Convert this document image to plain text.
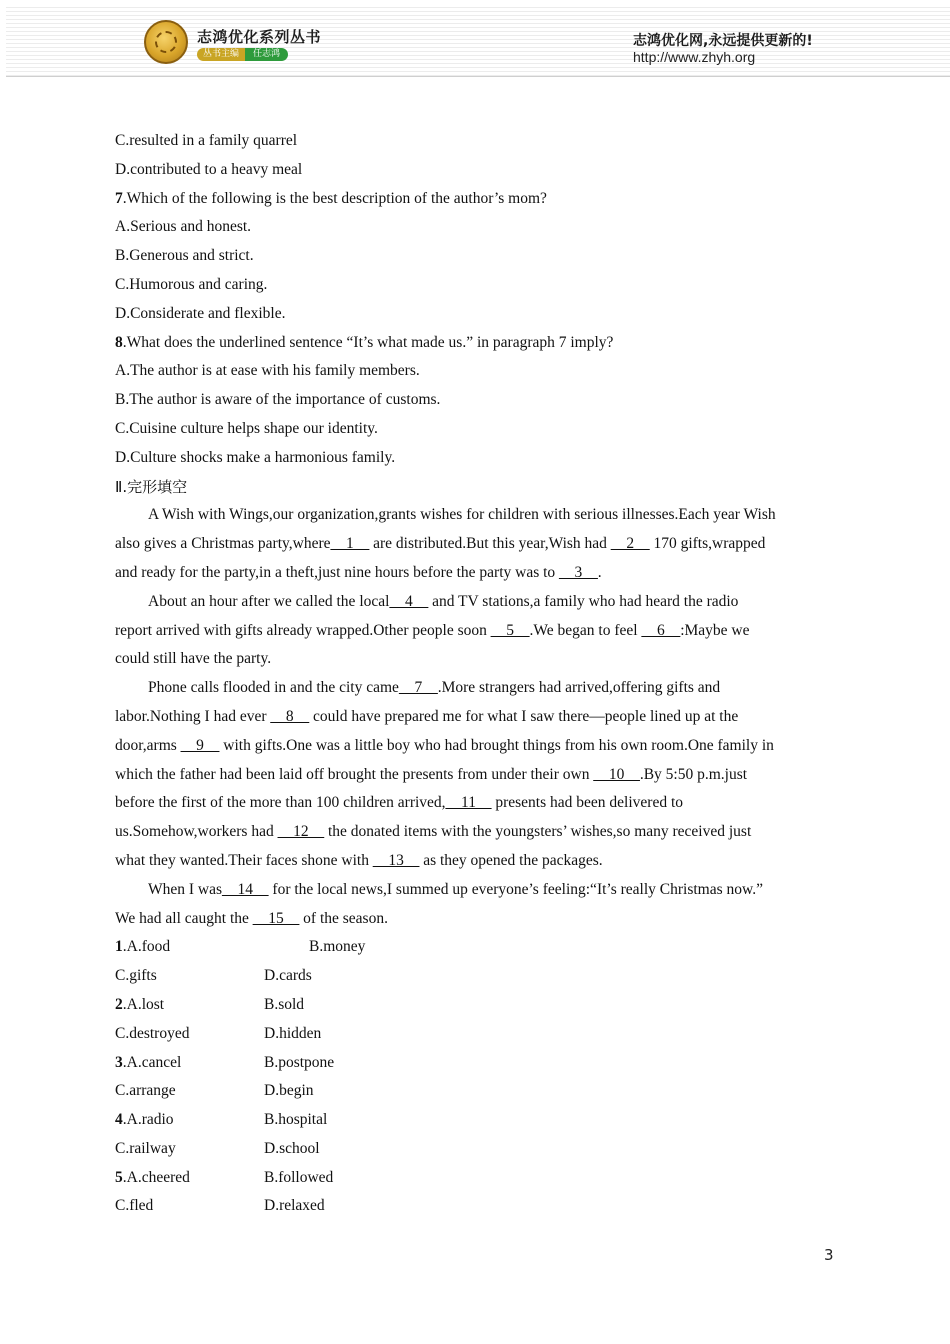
志鸿优化系列丛书
丛书主编	任志鸿
志鸿优化网,永远提供更新的!
http://www.zhyh.org
C.resulted in a family quarrel
D.contributed to a heavy meal
7.Which of the following is the best description of the author’s mom?
A.Serious and honest.
B.Generous and strict.
C.Humorous and caring.
D.Considerate and flexible.
8.What does the underlined sentence “It’s what made us.” in paragraph 7 imply?
A.The author is at ease with his family members.
B.The author is aware of the importance of customs.
C.Cuisine culture helps shape our identity.
D.Culture shocks make a harmonious family.
Ⅱ.完形填空
A Wish with Wings,our organization,grants wishes for children with serious illnesses.Each year Wish
also gives a Christmas party,where__1__ are distributed.But this year,Wish had __2__ 170 gifts,wrapped
and ready for the party,in a theft,just nine hours before the party was to __3__.
About an hour after we called the local__4__ and TV stations,a family who had heard the radio
report arrived with gifts already wrapped.Other people soon __5__.We began to feel __6__:Maybe we
could still have the party.
Phone calls flooded in and the city came__7__.More strangers had arrived,offering gifts and
labor.Nothing I had ever __8__ could have prepared me for what I saw there—people lined up at the
door,arms __9__ with gifts.One was a little boy who had brought things from his own room.One family in
which the father had been laid off brought the presents from under their own __10__.By 5:50 p.m.just
before the first of the more than 100 children arrived,__11__ presents had been delivered to
us.Somehow,workers had __12__ the donated items with the youngsters’ wishes,so many received just
what they wanted.Their faces shone with __13__ as they opened the packages.
When I was__14__ for the local news,I summed up everyone’s feeling:“It’s really Christmas now.”
We had all caught the __15__ of the season.
1.A.food	B.money
C.gifts	D.cards
2.A.lost	B.sold
C.destroyed	D.hidden
3.A.cancel	B.postpone
C.arrange	D.begin
4.A.radio	B.hospital
C.railway	D.school
5.A.cheered	B.followed
C.fled	D.relaxed
3
